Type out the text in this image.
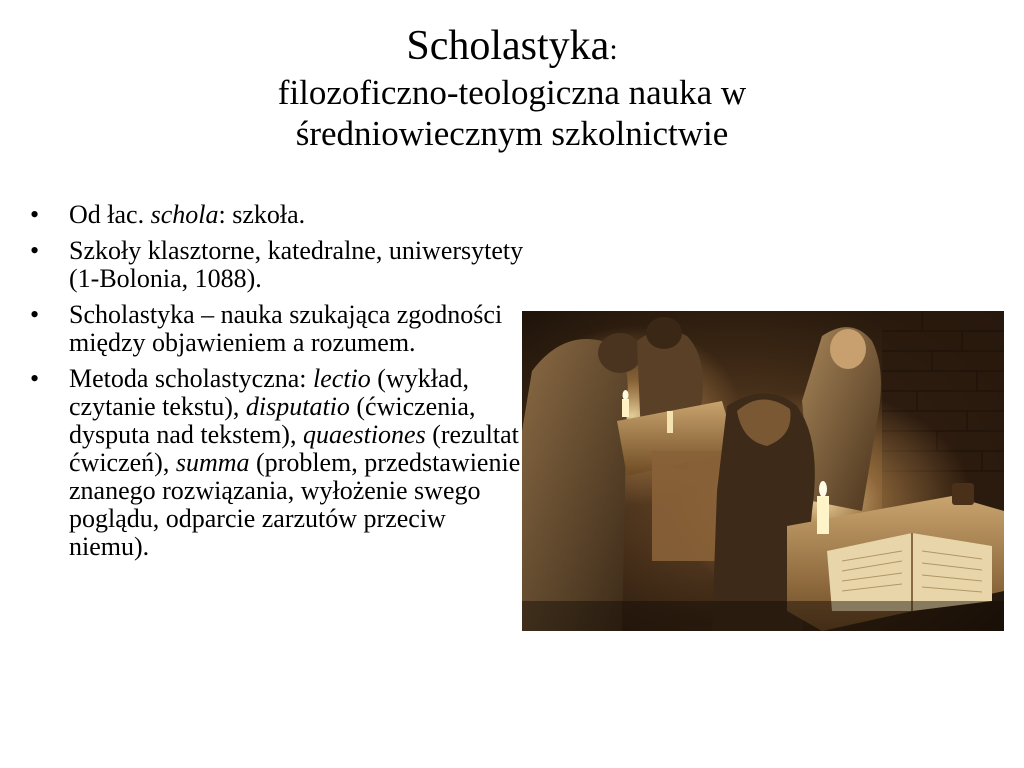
Scholastyka:
filozoficzno-teologiczna nauka w
średniowiecznym szkolnictwie
•	Od łac. schola: szkoła.
•	Szkoły klasztorne, katedralne, uniwersytety (1-Bolonia, 1088).
•	Scholastyka – nauka szukająca zgodności między objawieniem a rozumem.
•	Metoda scholastyczna: lectio (wykład, czytanie tekstu), disputatio (ćwiczenia, dysputa nad tekstem), quaestiones (rezultat ćwiczeń), summa (problem, przedstawienie znanego rozwiązania, wyłożenie swego poglądu, odparcie zarzutów przeciw niemu).
